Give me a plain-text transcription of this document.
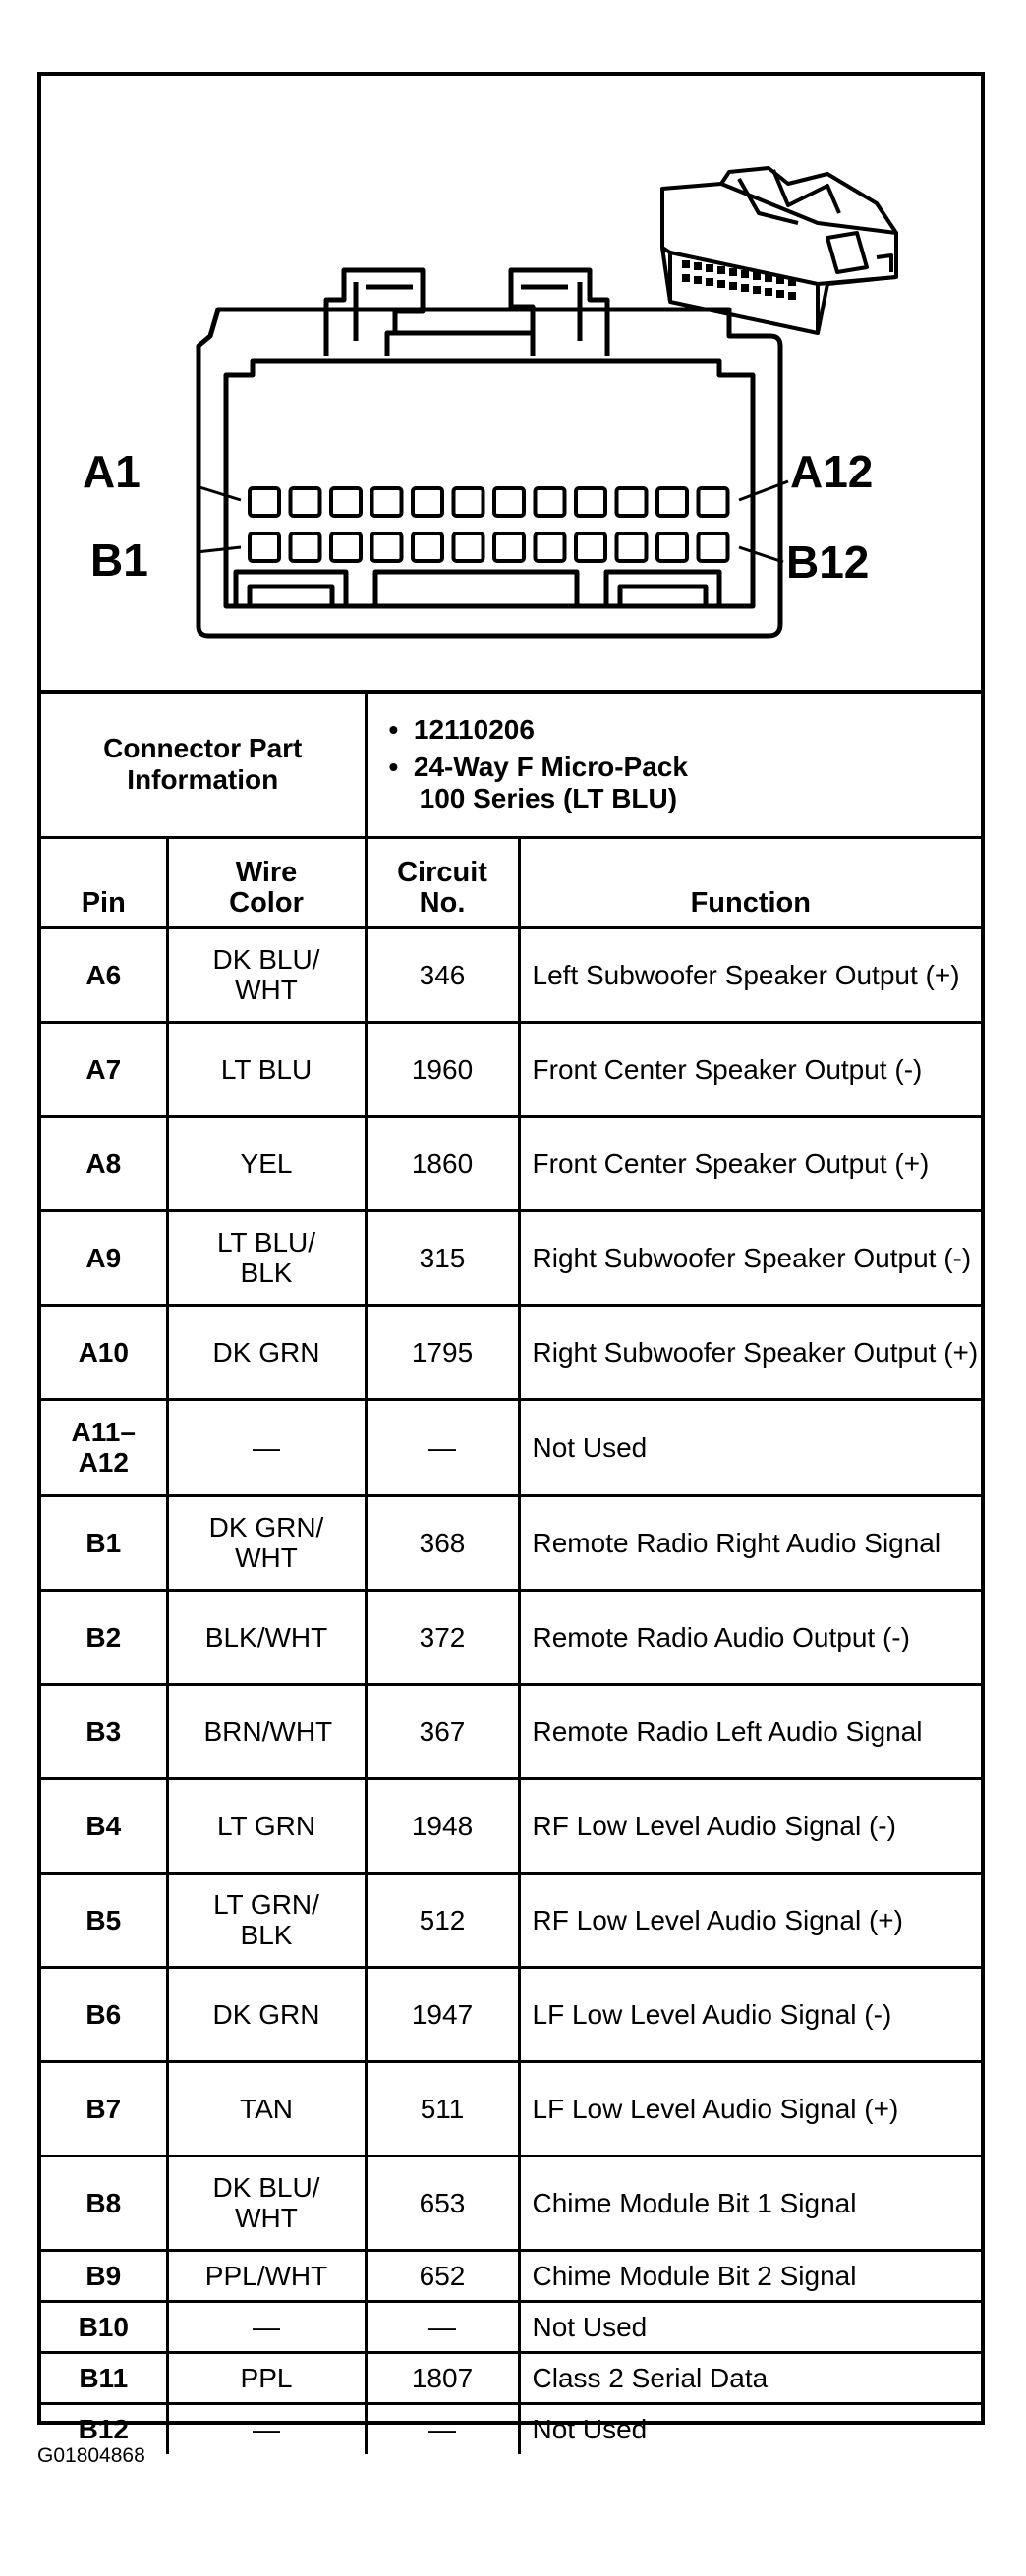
A1	A12
B1	B12
Connector Part Information		•  12110206
•  24-Way F Micro-Pack
100 Series (LT BLU)	

Pin	Wire Color	Circuit No.	Function
A6	DK BLU/ WHT	346	Left Subwoofer Speaker Output (+)
A7	LT BLU	1960	Front Center Speaker Output (-)
A8	YEL	1860	Front Center Speaker Output (+)
A9	LT BLU/ BLK	315	Right Subwoofer Speaker Output (-)
A10	DK GRN	1795	Right Subwoofer Speaker Output (+)
A11– A12	—	—	Not Used
B1	DK GRN/ WHT	368	Remote Radio Right Audio Signal
B2	BLK/WHT	372	Remote Radio Audio Output (-)
B3	BRN/WHT	367	Remote Radio Left Audio Signal
B4	LT GRN	1948	RF Low Level Audio Signal (-)
B5	LT GRN/ BLK	512	RF Low Level Audio Signal (+)
B6	DK GRN	1947	LF Low Level Audio Signal (-)
B7	TAN	511	LF Low Level Audio Signal (+)
B8	DK BLU/ WHT	653	Chime Module Bit 1 Signal
B9	PPL/WHT	652	Chime Module Bit 2 Signal
B10	—	—	Not Used
B11	PPL	1807	Class 2 Serial Data
B12	—	—	Not Used
G01804868
